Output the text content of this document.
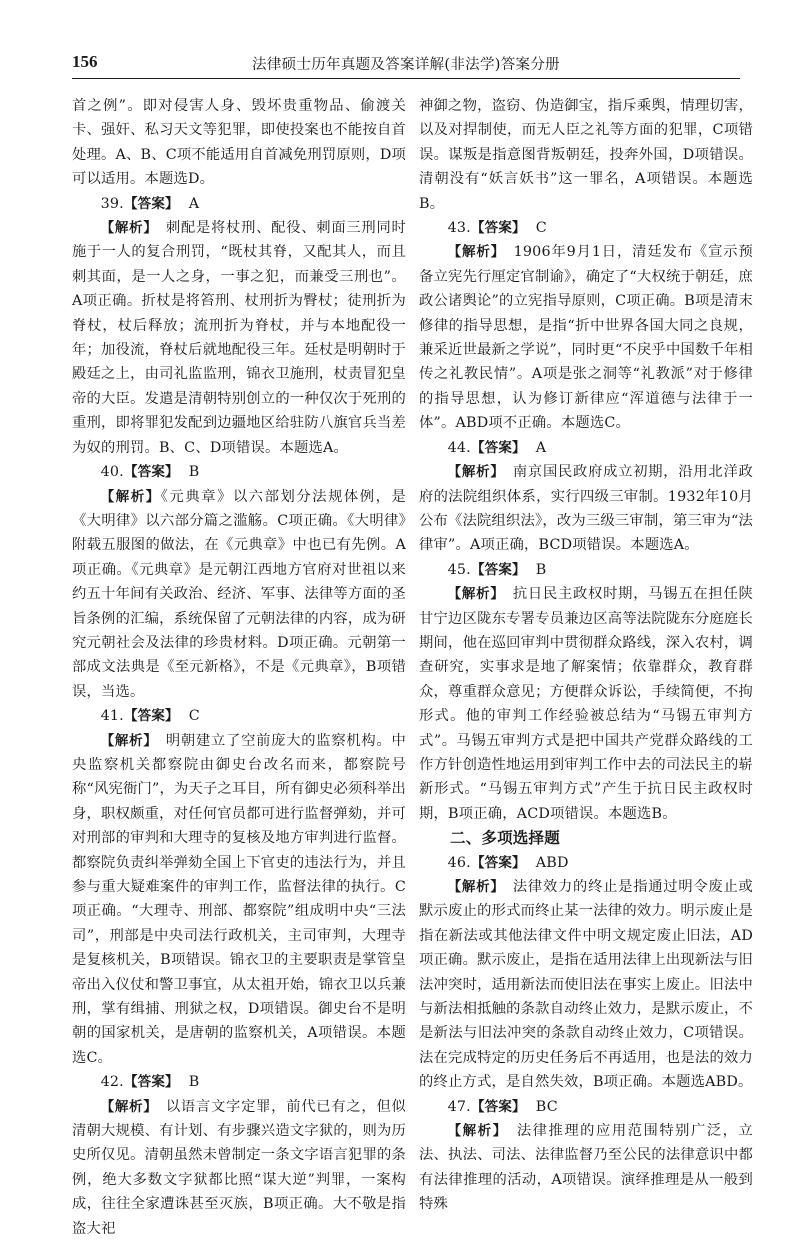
156	法律硕士历年真题及答案详解(非法学)答案分册

首之例”。即对侵害人身、毁坏贵重物品、偷渡关卡、强奸、私习天文等犯罪，即使投案也不能按自首处理。A、B、C项不能适用自首减免刑罚原则，D项可以适用。本题选D。

39.【答案】 A

【解析】　 刺配是将杖刑、配役、刺面三刑同时施于一人的复合刑罚，“既杖其脊，又配其人，而且刺其面，是一人之身，一事之犯，而兼受三刑也”。A项正确。折杖是将笞刑、杖刑折为臀杖；徒刑折为脊杖，杖后释放；流刑折为脊杖，并与本地配役一年；加役流，脊杖后就地配役三年。廷杖是明朝时于殿廷之上，由司礼监监刑，锦衣卫施刑，杖责冒犯皇帝的大臣。发遣是清朝特别创立的一种仅次于死刑的重刑，即将罪犯发配到边疆地区给驻防八旗官兵当差为奴的刑罚。B、C、D项错误。本题选A。

40.【答案】 B

【解析】《元典章》以六部划分法规体例，是《大明律》以六部分篇之滥觞。C项正确。《大明律》附载五服图的做法，在《元典章》中也已有先例。A项正确。《元典章》是元朝江西地方官府对世祖以来约五十年间有关政治、经济、军事、法律等方面的圣旨条例的汇编，系统保留了元朝法律的内容，成为研究元朝社会及法律的珍贵材料。D项正确。元朝第一部成文法典是《至元新格》，不是《元典章》，B项错误，当选。

41.【答案】 C

【解析】　 明朝建立了空前庞大的监察机构。中央监察机关都察院由御史台改名而来，都察院号称“风宪衙门”，为天子之耳目，所有御史必须科举出身，职权颇重，对任何官员都可进行监督弹劾，并可对刑部的审判和大理寺的复核及地方审判进行监督。都察院负责纠举弹劾全国上下官吏的违法行为，并且参与重大疑难案件的审判工作，监督法律的执行。C项正确。“大理寺、刑部、都察院”组成明中央“三法司”，刑部是中央司法行政机关，主司审判，大理寺是复核机关，B项错误。锦衣卫的主要职责是掌管皇帝出入仪仗和警卫事宜，从太祖开始，锦衣卫以兵兼刑，掌有缉捕、刑狱之权，D项错误。御史台不是明朝的国家机关，是唐朝的监察机关，A项错误。本题选C。

42.【答案】 B

【解析】　 以语言文字定罪，前代已有之，但似清朝大规模、有计划、有步骤兴造文字狱的，则为历史所仅见。清朝虽然未曾制定一条文字语言犯罪的条例，绝大多数文字狱都比照“谋大逆”判罪，一案构成，往往全家遭诛甚至灭族，B项正确。大不敬是指盗大祀

神御之物，盗窃、伪造御宝，指斥乘舆，情理切害，以及对捍制使，而无人臣之礼等方面的犯罪，C项错误。谋叛是指意图背叛朝廷，投奔外国，D项错误。清朝没有“妖言妖书”这一罪名，A项错误。本题选B。

43.【答案】 C

【解析】　 1906年9月1日，清廷发布《宣示预备立宪先行厘定官制谕》，确定了“大权统于朝廷，庶政公诸舆论”的立宪指导原则，C项正确。B项是清末修律的指导思想，是指“折中世界各国大同之良规，兼采近世最新之学说”，同时更“不戾乎中国数千年相传之礼教民情”。A项是张之洞等“礼教派”对于修律的指导思想，认为修订新律应“浑道德与法律于一体”。ABD项不正确。本题选C。

44.【答案】 A

【解析】　 南京国民政府成立初期，沿用北洋政府的法院组织体系，实行四级三审制。1932年10月公布《法院组织法》，改为三级三审制，第三审为“法律审”。A项正确，BCD项错误。本题选A。

45.【答案】 B

【解析】　 抗日民主政权时期，马锡五在担任陕甘宁边区陇东专署专员兼边区高等法院陇东分庭庭长期间，他在巡回审判中贯彻群众路线，深入农村，调查研究，实事求是地了解案情；依靠群众，教育群众，尊重群众意见；方便群众诉讼，手续简便，不拘形式。他的审判工作经验被总结为“马锡五审判方式”。马锡五审判方式是把中国共产党群众路线的工作方针创造性地运用到审判工作中去的司法民主的崭新形式。“马锡五审判方式”产生于抗日民主政权时期，B项正确，ACD项错误。本题选B。

二、多项选择题

46.【答案】 ABD

【解析】　 法律效力的终止是指通过明令废止或默示废止的形式而终止某一法律的效力。明示废止是指在新法或其他法律文件中明文规定废止旧法，AD项正确。默示废止，是指在适用法律上出现新法与旧法冲突时，适用新法而使旧法在事实上废止。旧法中与新法相抵触的条款自动终止效力，是默示废止，不是新法与旧法冲突的条款自动终止效力，C项错误。法在完成特定的历史任务后不再适用，也是法的效力的终止方式，是自然失效，B项正确。本题选ABD。

47.【答案】 BC

【解析】　 法律推理的应用范围特别广泛，立法、执法、司法、法律监督乃至公民的法律意识中都有法律推理的活动，A项错误。演绎推理是从一般到特殊
